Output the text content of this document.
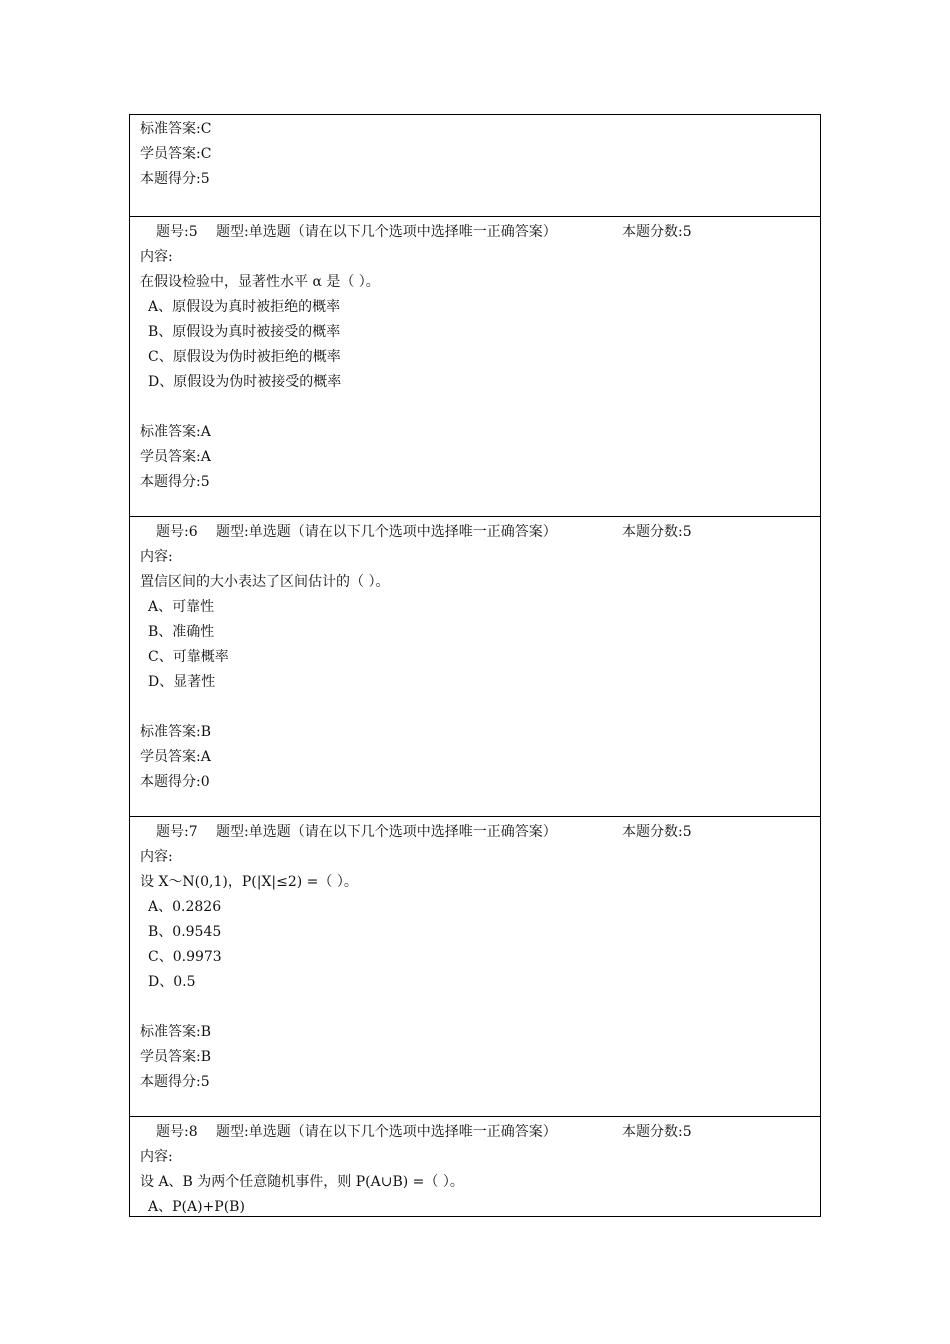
标准答案:C
学员答案:C
本题得分:5
题号:5 题型:单选题（请在以下几个选项中选择唯一正确答案）	本题分数:5
内容:
在假设检验中，显著性水平 α 是（ ）。
A、原假设为真时被拒绝的概率
B、原假设为真时被接受的概率
C、原假设为伪时被拒绝的概率
D、原假设为伪时被接受的概率
标准答案:A
学员答案:A
本题得分:5
题号:6 题型:单选题（请在以下几个选项中选择唯一正确答案）	本题分数:5
内容:
置信区间的大小表达了区间估计的（ ）。
A、可靠性
B、准确性
C、可靠概率
D、显著性
标准答案:B
学员答案:A
本题得分:0
题号:7 题型:单选题（请在以下几个选项中选择唯一正确答案）	本题分数:5
内容:
设 X～N(0,1)，P(|X|≤2) =（ ）。
A、0.2826
B、0.9545
C、0.9973
D、0.5
标准答案:B
学员答案:B
本题得分:5
题号:8 题型:单选题（请在以下几个选项中选择唯一正确答案）	本题分数:5
内容:
设 A、B 为两个任意随机事件，则 P(A∪B) =（ ）。
A、P(A)+P(B)
